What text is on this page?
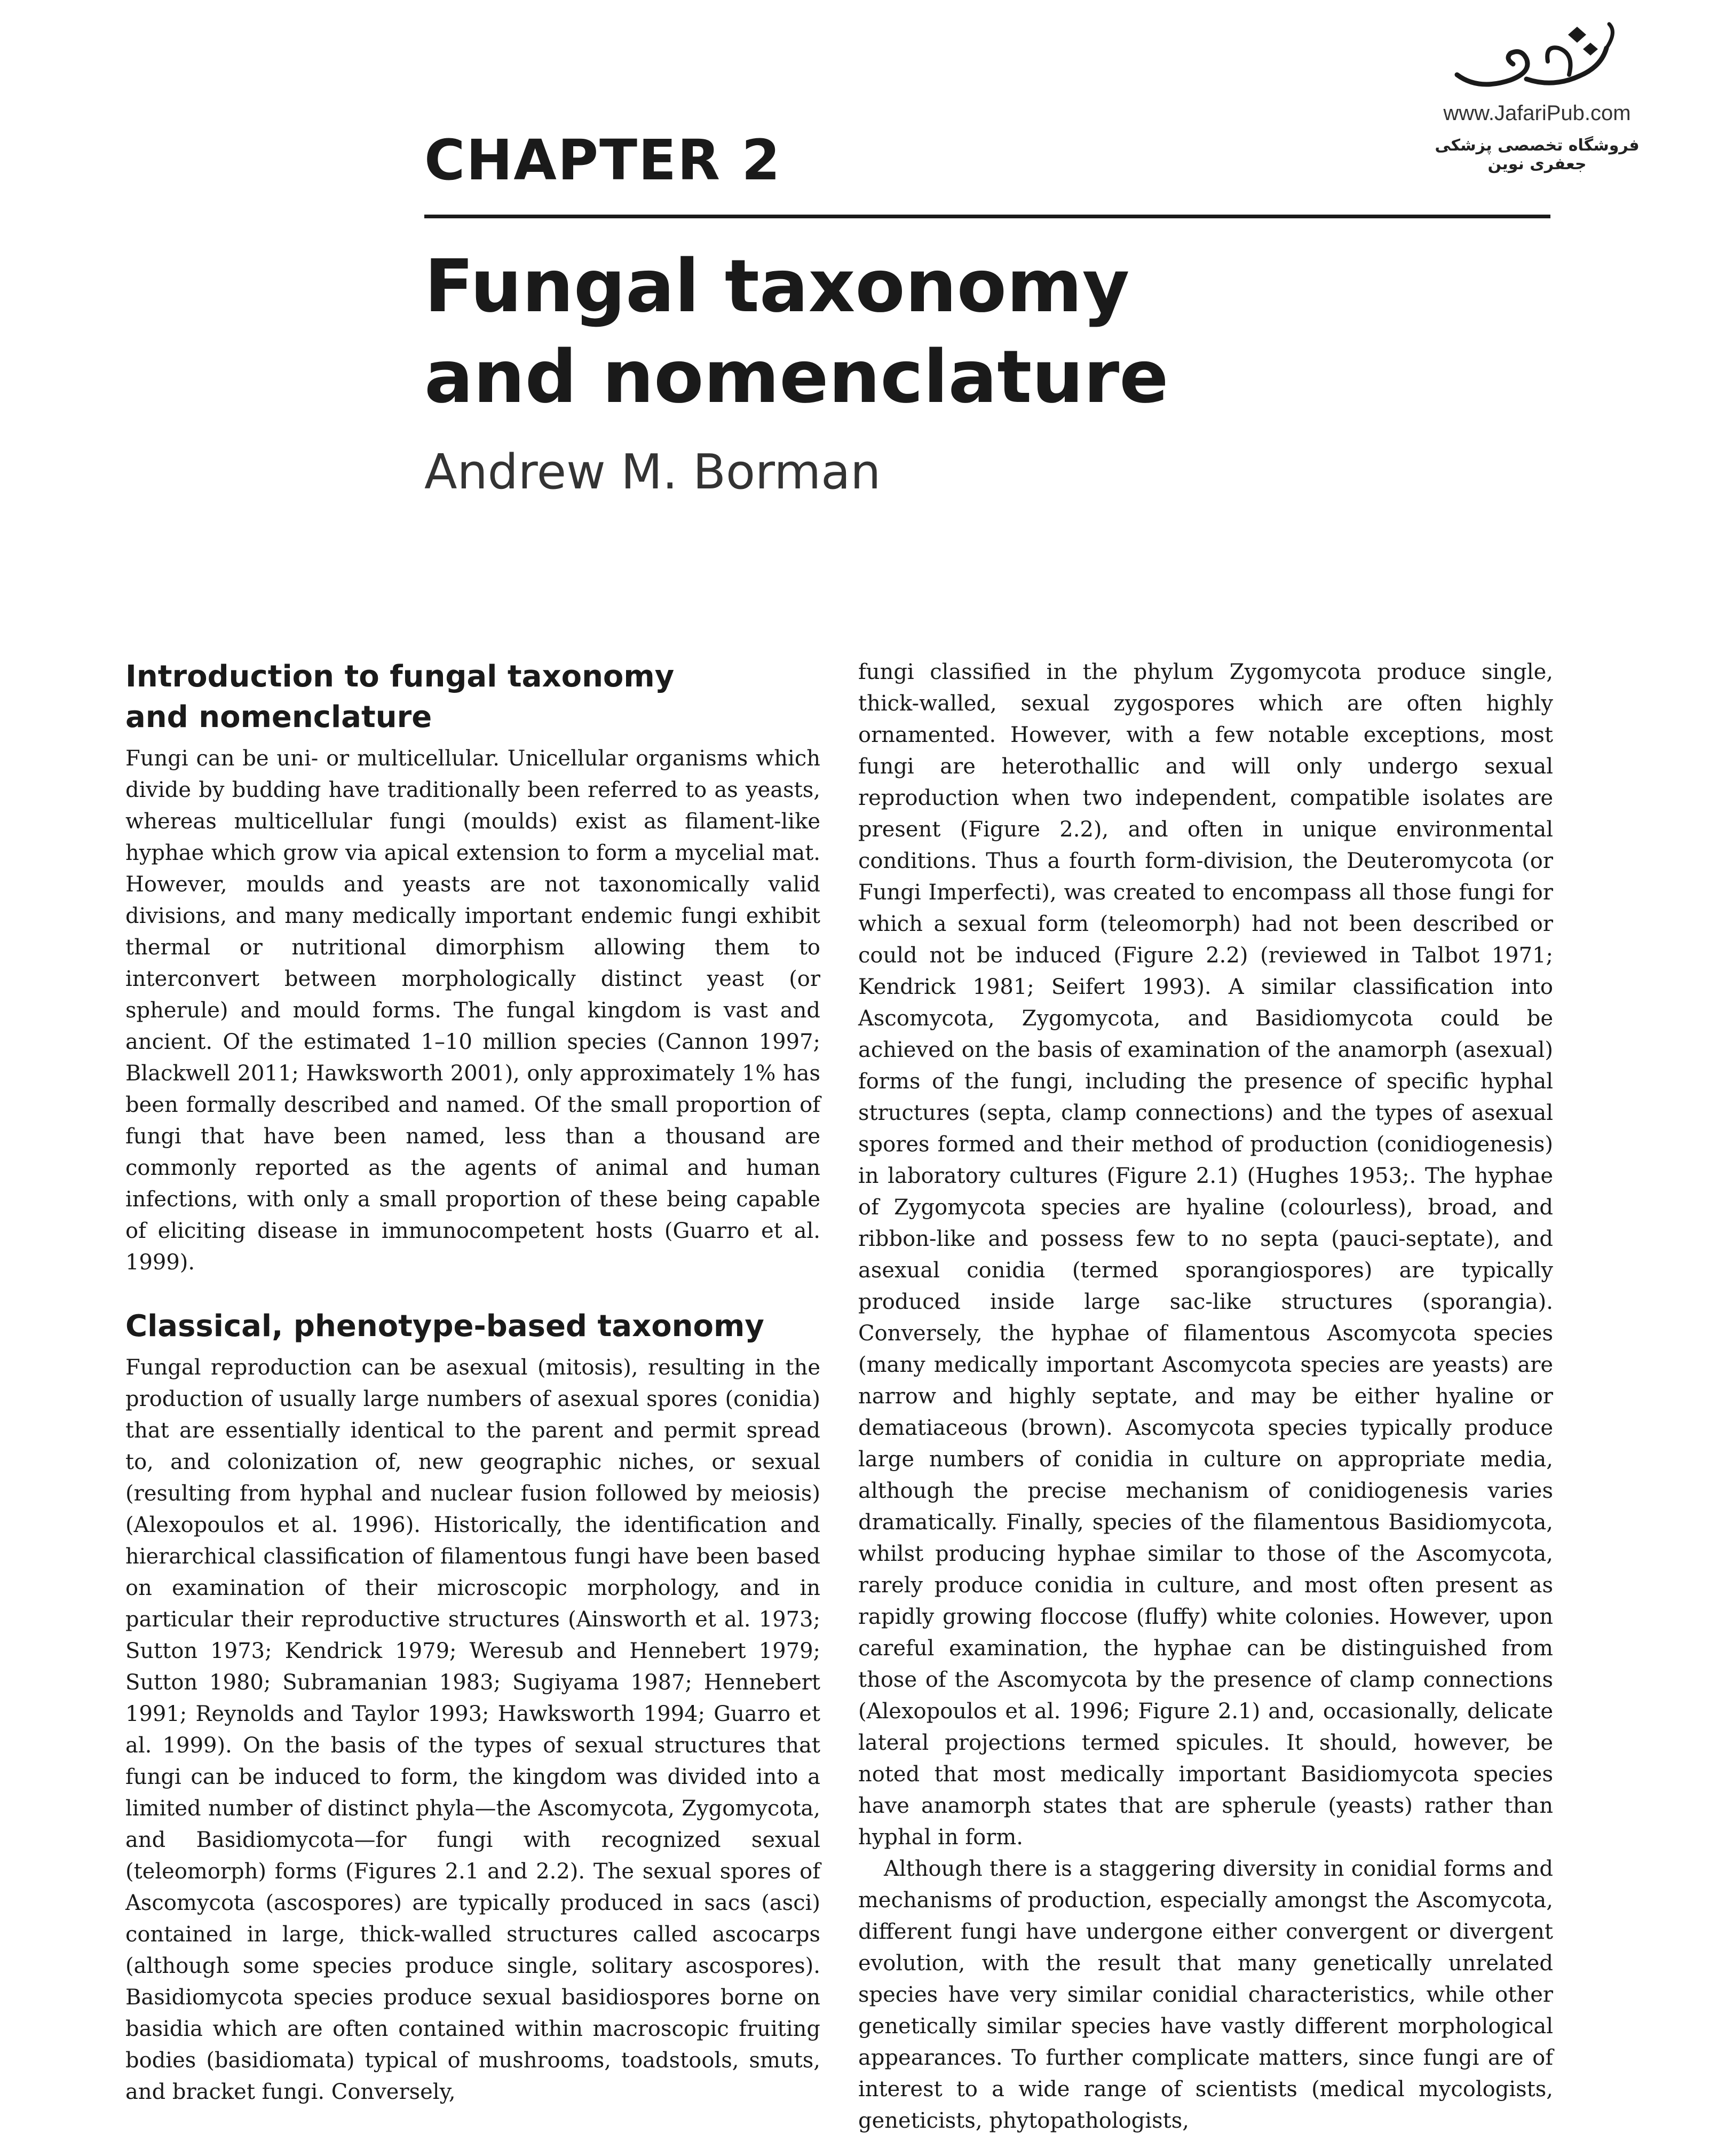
www.JafariPub.com
فروشگاه تخصصی پزشکی جعفری نوین
CHAPTER 2
Fungal taxonomy
and nomenclature
Andrew M. Borman
Introduction to fungal taxonomy
and nomenclature

Fungi can be uni- or multicellular. Unicellular organisms which divide by budding have traditionally been referred to as yeasts, whereas multicellular fungi (moulds) exist as filament-like hyphae which grow via apical extension to form a mycelial mat. However, moulds and yeasts are not taxonomically valid divisions, and many medically important endemic fungi exhibit thermal or nutritional dimorphism allowing them to interconvert between morphologically distinct yeast (or spherule) and mould forms. The fungal kingdom is vast and ancient. Of the estimated 1–10 million species (Cannon 1997; Blackwell 2011; Hawksworth 2001), only approximately 1% has been formally described and named. Of the small proportion of fungi that have been named, less than a thousand are commonly reported as the agents of animal and human infections, with only a small proportion of these being capable of eliciting disease in immunocompetent hosts (Guarro et al. 1999).

Classical, phenotype-based taxonomy

Fungal reproduction can be asexual (mitosis), resulting in the production of usually large numbers of asexual spores (conidia) that are essentially identical to the parent and permit spread to, and colonization of, new geographic niches, or sexual (resulting from hyphal and nuclear fusion followed by meiosis) (Alexopoulos et al. 1996). Historically, the identification and hierarchical classification of filamentous fungi have been based on examination of their microscopic morphology, and in particular their reproductive structures (Ainsworth et al. 1973; Sutton 1973; Kendrick 1979; Weresub and Hennebert 1979; Sutton 1980; Subramanian 1983; Sugiyama 1987; Hennebert 1991; Reynolds and Taylor 1993; Hawksworth 1994; Guarro et al. 1999). On the basis of the types of sexual structures that fungi can be induced to form, the kingdom was divided into a limited number of distinct phyla—the Ascomycota, Zygomycota, and Basidiomycota—for fungi with recognized sexual (teleomorph) forms (Figures 2.1 and 2.2). The sexual spores of Ascomycota (ascospores) are typically produced in sacs (asci) contained in large, thick-walled structures called ascocarps (although some species produce single, solitary ascospores). Basidiomycota species produce sexual basidiospores borne on basidia which are often contained within macroscopic fruiting bodies (basidiomata) typical of mushrooms, toadstools, smuts, and bracket fungi. Conversely,

fungi classified in the phylum Zygomycota produce single, thick-walled, sexual zygospores which are often highly ornamented. However, with a few notable exceptions, most fungi are heterothallic and will only undergo sexual reproduction when two independent, compatible isolates are present (Figure 2.2), and often in unique environmental conditions. Thus a fourth form-division, the Deuteromycota (or Fungi Imperfecti), was created to encompass all those fungi for which a sexual form (teleomorph) had not been described or could not be induced (Figure 2.2) (reviewed in Talbot 1971; Kendrick 1981; Seifert 1993). A similar classification into Ascomycota, Zygomycota, and Basidiomycota could be achieved on the basis of examination of the anamorph (asexual) forms of the fungi, including the presence of specific hyphal structures (septa, clamp connections) and the types of asexual spores formed and their method of production (conidiogenesis) in laboratory cultures (Figure 2.1) (Hughes 1953;. The hyphae of Zygomycota species are hyaline (colourless), broad, and ribbon-like and possess few to no septa (pauci-septate), and asexual conidia (termed sporangiospores) are typically produced inside large sac-like structures (sporangia). Conversely, the hyphae of filamentous Ascomycota species (many medically important Ascomycota species are yeasts) are narrow and highly septate, and may be either hyaline or dematiaceous (brown). Ascomycota species typically produce large numbers of conidia in culture on appropriate media, although the precise mechanism of conidiogenesis varies dramatically. Finally, species of the filamentous Basidiomycota, whilst producing hyphae similar to those of the Ascomycota, rarely produce conidia in culture, and most often present as rapidly growing floccose (fluffy) white colonies. However, upon careful examination, the hyphae can be distinguished from those of the Ascomycota by the presence of clamp connections (Alexopoulos et al. 1996; Figure 2.1) and, occasionally, delicate lateral projections termed spicules. It should, however, be noted that most medically important Basidiomycota species have anamorph states that are spherule (yeasts) rather than hyphal in form.

Although there is a staggering diversity in conidial forms and mechanisms of production, especially amongst the Ascomycota, different fungi have undergone either convergent or divergent evolution, with the result that many genetically unrelated species have very similar conidial characteristics, while other genetically similar species have vastly different morphological appearances. To further complicate matters, since fungi are of interest to a wide range of scientists (medical mycologists, geneticists, phytopathologists,
